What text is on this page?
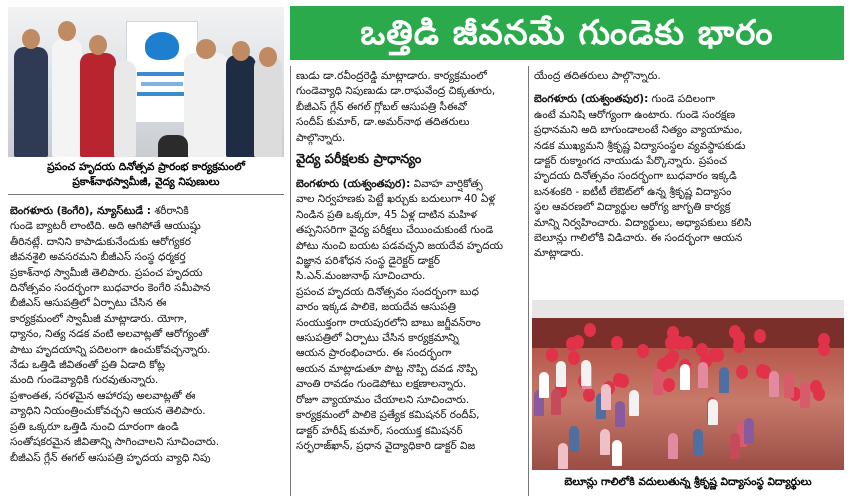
ప్రపంచ హృదయ దినోత్సవ ప్రారంభ కార్యక్రమంలో ప్రకాశ్‌నాథస్వామీజీ, వైద్య నిపుణులు
ఒత్తిడి జీవనమే గుండెకు భారం

బెంగళూరు (కెంగేరి), న్యూస్‌టుడే : శరీరానికి

గుండె బ్యాటరీ లాంటిది. అది ఆగిపోతే ఆయుష్షు

తీరినట్లే. దానిని కాపాడుకునేందుకు ఆరోగ్యకర

జీవనశైలి అవసరమని బీజీఎస్ సంస్థ ధర్మకర్త

ప్రకాశ్‌నాథ స్వామీజీ తెలిపారు. ప్రపంచ హృదయ

దినోత్సవం సందర్భంగా బుధవారం కెంగేరి సమీపాన

బీజీఎస్ ఆసుపత్రిలో ఏర్పాటు చేసిన ఈ

కార్యక్రమంలో స్వామీజీ మాట్లాడారు. యోగా,

ధ్యానం, నిత్య నడక వంటి అలవాట్లతో ఆరోగ్యంతో

పాటు హృదయాన్ని పదిలంగా ఉంచుకోవచ్చన్నారు.

నేడు ఒత్తిడి జీవితంతో ప్రతి ఏడాది కోట్ల

మంది గుండెవ్యాధికి గురవుతున్నారు.

ప్రశాంతత, సరళమైన ఆహారపు అలవాట్లతో ఈ

వ్యాధిని నియంత్రించుకోవచ్చని ఆయన తెలిపారు.

ప్రతి ఒక్కరూ ఒత్తిడి నుంచి దూరంగా ఉండి

సంతోషకరమైన జీవితాన్ని సాగించాలని సూచించారు.

బీజీఎస్ గ్లేన్ ఈగల్ ఆసుపత్రి హృదయ వ్యాధి నిపు

ణుడు డా.రవీంద్రరెడ్డి మాట్లాడారు. కార్యక్రమంలో

గుండెవ్యాధి నిపుణుడు డా.రాఘవేంద్ర చిక్కతూరు,

బీజీఎస్ గ్లేన్ ఈగల్ గ్లోబల్ ఆసుపత్రి సీఈవో

సందీప్ కుమార్, డా.అమర్‌నాథ తదితరులు

పాల్గొన్నారు.

వైద్య పరీక్షలకు ప్రాధాన్యం

బెంగళూరు (యశ్వంతపుర): వివాహ వార్షికోత్స

వాల నిర్వహణకు పెట్టే ఖర్చుకు బదులుగా 40 ఏళ్ల

నిండిన ప్రతి ఒక్కరూ, 45 ఏళ్ల దాటిన మహిళ

తప్పనిసరిగా వైద్య పరీక్షలు చేయించుకుంటే గుండె

పోటు నుంచి బయట పడవచ్చని జయదేవ హృదయ

విజ్ఞాన పరిశోధన సంస్థ డైరెక్టర్ డాక్టర్

సి.ఎన్.మంజునాథ్ సూచించారు.

ప్రపంచ హృదయ దినోత్సవం సందర్భంగా బుధ

వారం ఇక్కడ పాలికె, జయదేవ ఆసుపత్రి

సంయుక్తంగా రాయపురలోని బాబు జగ్జీవన్‌రాం

ఆసుపత్రిలో ఏర్పాటు చేసిన కార్యక్రమాన్ని

ఆయన ప్రారంభించారు. ఈ సందర్భంగా

ఆయన మాట్లాడుతూ పొట్ట నొప్పి దవడ నొప్పి

వాంతి రావడం గుండెపోటు లక్షణాలన్నారు.

రోజూ వ్యాయామం చేయాలని సూచించారు.

కార్యక్రమంలో పాలికె ప్రత్యేక కమిషనర్ రందీప్,

డాక్టర్ హరీష్ కుమార్, సంయుక్త కమిషనర్

సర్ఫరాజ్‌ఖాన్, ప్రధాన వైద్యాధికారి డాక్టర్ విజ

యేంద్ర తదితరులు పాల్గొన్నారు.

బెంగళూరు (యశ్వంతపుర): గుండె పదిలంగా

ఉంటే మనిషి ఆరోగ్యంగా ఉంటారు. గుండె సంరక్షణ

ప్రధానమని అది బాగుండాలంటే నిత్యం వ్యాయామం,

నడక ముఖ్యమని శ్రీకృష్ణ విద్యాసంస్థల వ్యవస్థాపకుడు

డాక్టర్ రుక్మాంగద నాయుడు పేర్కొన్నారు. ప్రపంచ

హృదయ దినోత్సవం సందర్భంగా బుధవారం ఇక్కడి

బనశంకరి - ఐటీటీ లేఔట్‌లో ఉన్న శ్రీకృష్ణ విద్యాసం

స్థల ఆవరణలో విద్యార్థుల ఆరోగ్య జాగృతి కార్యక్ర

మాన్ని నిర్వహించారు. విద్యార్థులు, అధ్యాపకులు కలిసి

బెలూన్లు గాలిలోకి విడిచారు. ఈ సందర్భంగా ఆయన

మాట్లాడారు.

బెలూన్లు గాలిలోకి వదులుతున్న శ్రీకృష్ణ విద్యాసంస్థ విద్యార్థులు
